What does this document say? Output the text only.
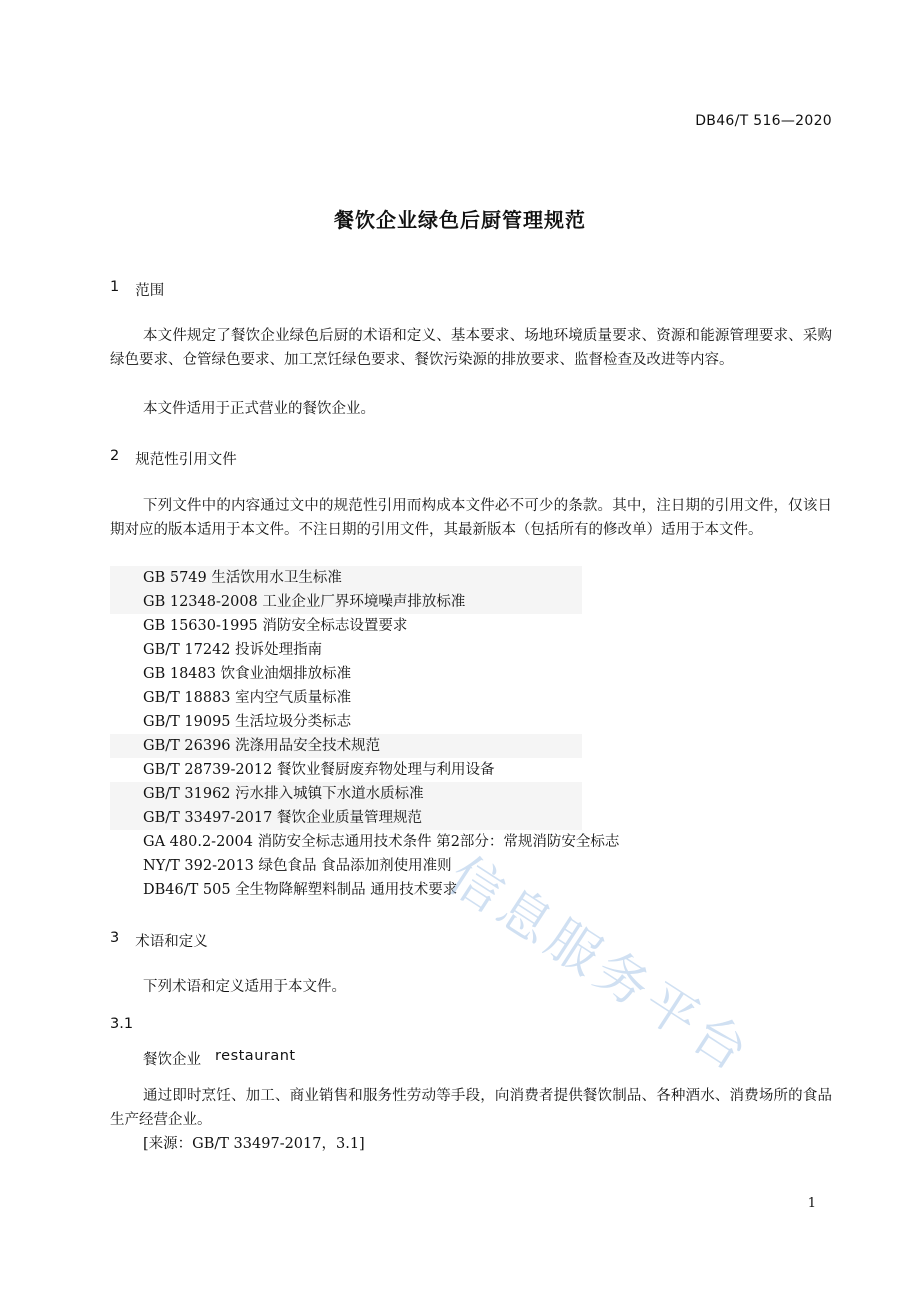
DB46/T 516—2020
餐饮企业绿色后厨管理规范
1 范围

本文件规定了餐饮企业绿色后厨的术语和定义、基本要求、场地环境质量要求、资源和能源管理要求、采购绿色要求、仓管绿色要求、加工烹饪绿色要求、餐饮污染源的排放要求、监督检查及改进等内容。

本文件适用于正式营业的餐饮企业。

2 规范性引用文件

下列文件中的内容通过文中的规范性引用而构成本文件必不可少的条款。其中，注日期的引用文件，仅该日期对应的版本适用于本文件。不注日期的引用文件，其最新版本（包括所有的修改单）适用于本文件。

GB 5749 生活饮用水卫生标准
GB 12348-2008 工业企业厂界环境噪声排放标准
GB 15630-1995 消防安全标志设置要求
GB/T 17242 投诉处理指南
GB 18483 饮食业油烟排放标准
GB/T 18883 室内空气质量标准
GB/T 19095 生活垃圾分类标志
GB/T 26396 洗涤用品安全技术规范
GB/T 28739-2012 餐饮业餐厨废弃物处理与利用设备
GB/T 31962 污水排入城镇下水道水质标准
GB/T 33497-2017 餐饮企业质量管理规范
GA 480.2-2004 消防安全标志通用技术条件 第2部分：常规消防安全标志
NY/T 392-2013 绿色食品 食品添加剂使用准则
DB46/T 505 全生物降解塑料制品 通用技术要求
3 术语和定义

下列术语和定义适用于本文件。

3.1
餐饮企业 restaurant

通过即时烹饪、加工、商业销售和服务性劳动等手段，向消费者提供餐饮制品、各种酒水、消费场所的食品生产经营企业。

[来源：GB/T 33497-2017，3.1]
1
信息服务平台
